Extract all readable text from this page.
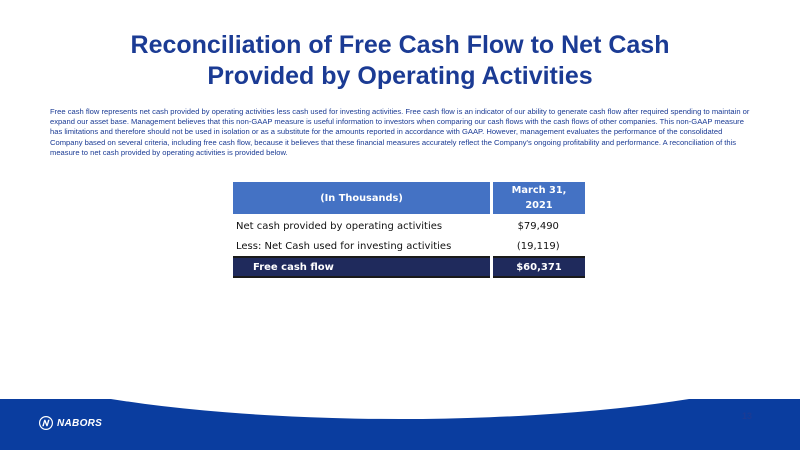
Reconciliation of Free Cash Flow to Net Cash
Provided by Operating Activities
Free cash flow represents net cash provided by operating activities less cash used for investing activities. Free cash flow is an indicator of our ability to generate cash flow after required spending to maintain or expand our asset base. Management believes that this non-GAAP measure is useful information to investors when comparing our cash flows with the cash flows of other companies. This non-GAAP measure has limitations and therefore should not be used in isolation or as a substitute for the amounts reported in accordance with GAAP. However, management evaluates the performance of the consolidated Company based on several criteria, including free cash flow, because it believes that these financial measures accurately reflect the Company's ongoing profitability and performance. A reconciliation of this measure to net cash provided by operating activities is provided below.
(In Thousands)	March 31,
2021

Net cash provided by operating activities	$79,490
Less: Net Cash used for investing activities	(19,119)
Free cash flow	$60,371
NABORS
13
